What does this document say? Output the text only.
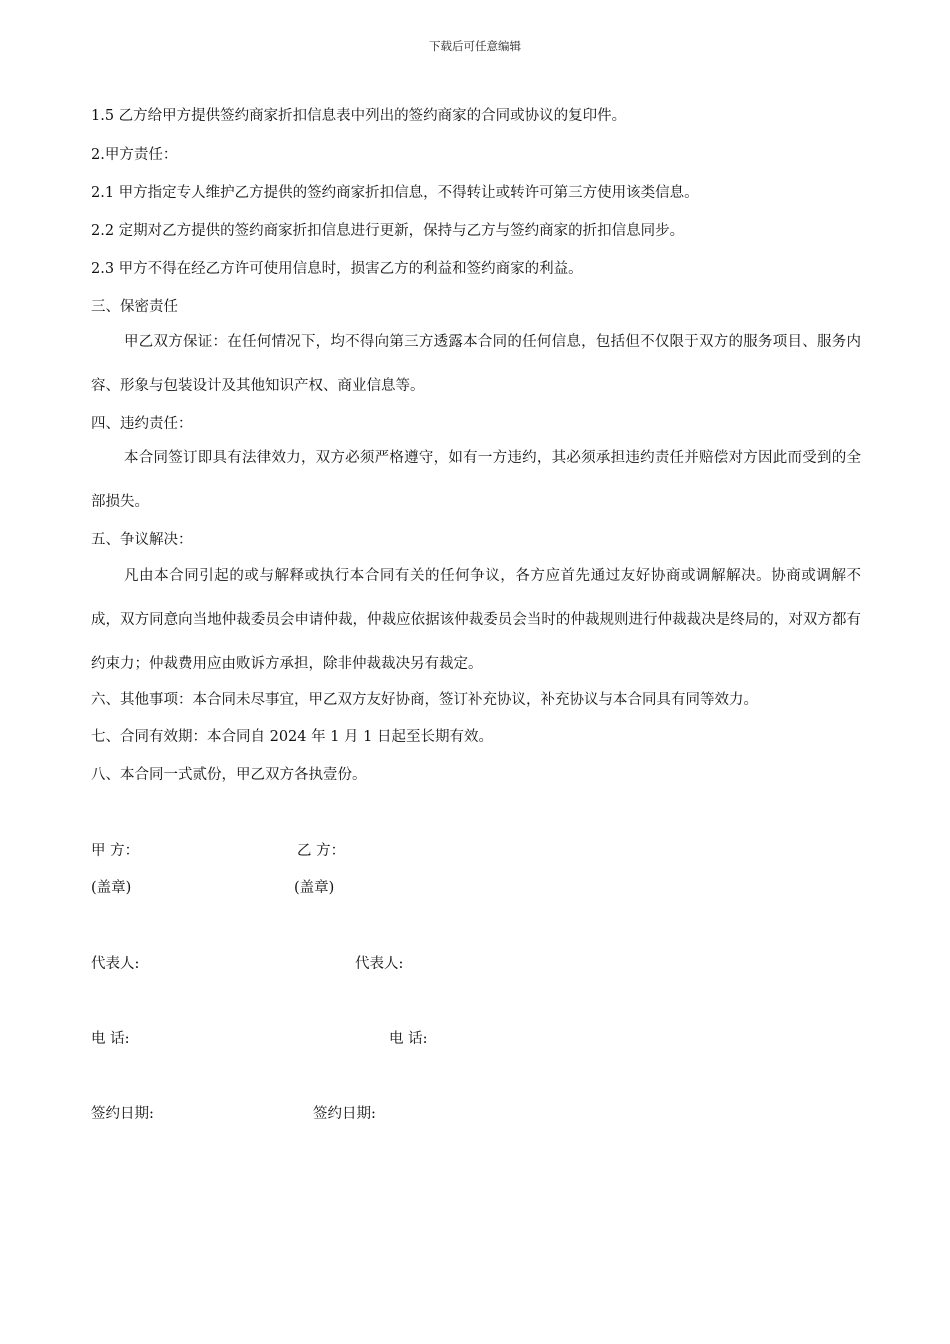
下载后可任意编辑
1.5 乙方给甲方提供签约商家折扣信息表中列出的签约商家的合同或协议的复印件。
2.甲方责任：
2.1 甲方指定专人维护乙方提供的签约商家折扣信息，不得转让或转许可第三方使用该类信息。
2.2 定期对乙方提供的签约商家折扣信息进行更新，保持与乙方与签约商家的折扣信息同步。
2.3 甲方不得在经乙方许可使用信息时，损害乙方的利益和签约商家的利益。
三、保密责任
甲乙双方保证：在任何情况下，均不得向第三方透露本合同的任何信息，包括但不仅限于双方的服务项目、服务内容、形象与包装设计及其他知识产权、商业信息等。
四、违约责任：
本合同签订即具有法律效力，双方必须严格遵守，如有一方违约，其必须承担违约责任并赔偿对方因此而受到的全部损失。
五、争议解决：
凡由本合同引起的或与解释或执行本合同有关的任何争议，各方应首先通过友好协商或调解解决。协商或调解不成，双方同意向当地仲裁委员会申请仲裁，仲裁应依据该仲裁委员会当时的仲裁规则进行仲裁裁决是终局的，对双方都有约束力；仲裁费用应由败诉方承担，除非仲裁裁决另有裁定。
六、其他事项：本合同未尽事宜，甲乙双方友好协商，签订补充协议，补充协议与本合同具有同等效力。
七、合同有效期：本合同自 2024 年 1 月 1 日起至长期有效。
八、本合同一式贰份，甲乙双方各执壹份。
甲 方：	乙 方：
(盖章)	(盖章)
代表人:	代表人:
电 话:	电 话:
签约日期:	签约日期:
